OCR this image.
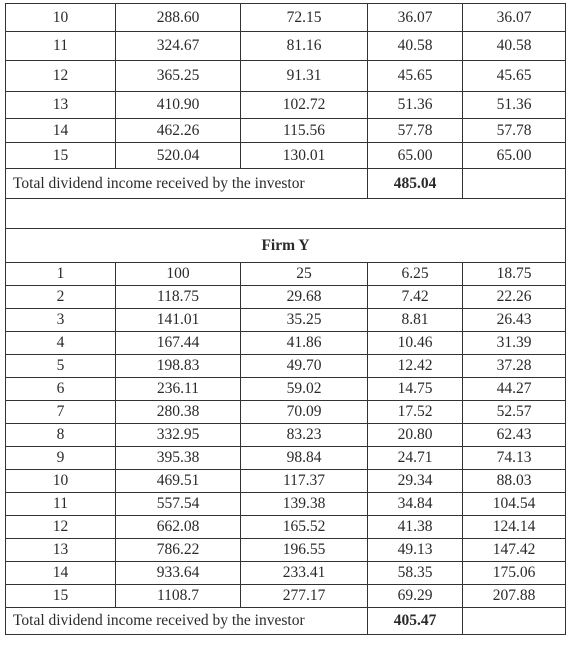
10	288.60	72.15	36.07	36.07
11	324.67	81.16	40.58	40.58
12	365.25	91.31	45.65	45.65
13	410.90	102.72	51.36	51.36
14	462.26	115.56	57.78	57.78
15	520.04	130.01	65.00	65.00
Total dividend income received by the investor			485.04	

Firm Y				
1	100	25	6.25	18.75
2	118.75	29.68	7.42	22.26
3	141.01	35.25	8.81	26.43
4	167.44	41.86	10.46	31.39
5	198.83	49.70	12.42	37.28
6	236.11	59.02	14.75	44.27
7	280.38	70.09	17.52	52.57
8	332.95	83.23	20.80	62.43
9	395.38	98.84	24.71	74.13
10	469.51	117.37	29.34	88.03
11	557.54	139.38	34.84	104.54
12	662.08	165.52	41.38	124.14
13	786.22	196.55	49.13	147.42
14	933.64	233.41	58.35	175.06
15	1108.7	277.17	69.29	207.88
Total dividend income received by the investor			405.47	
